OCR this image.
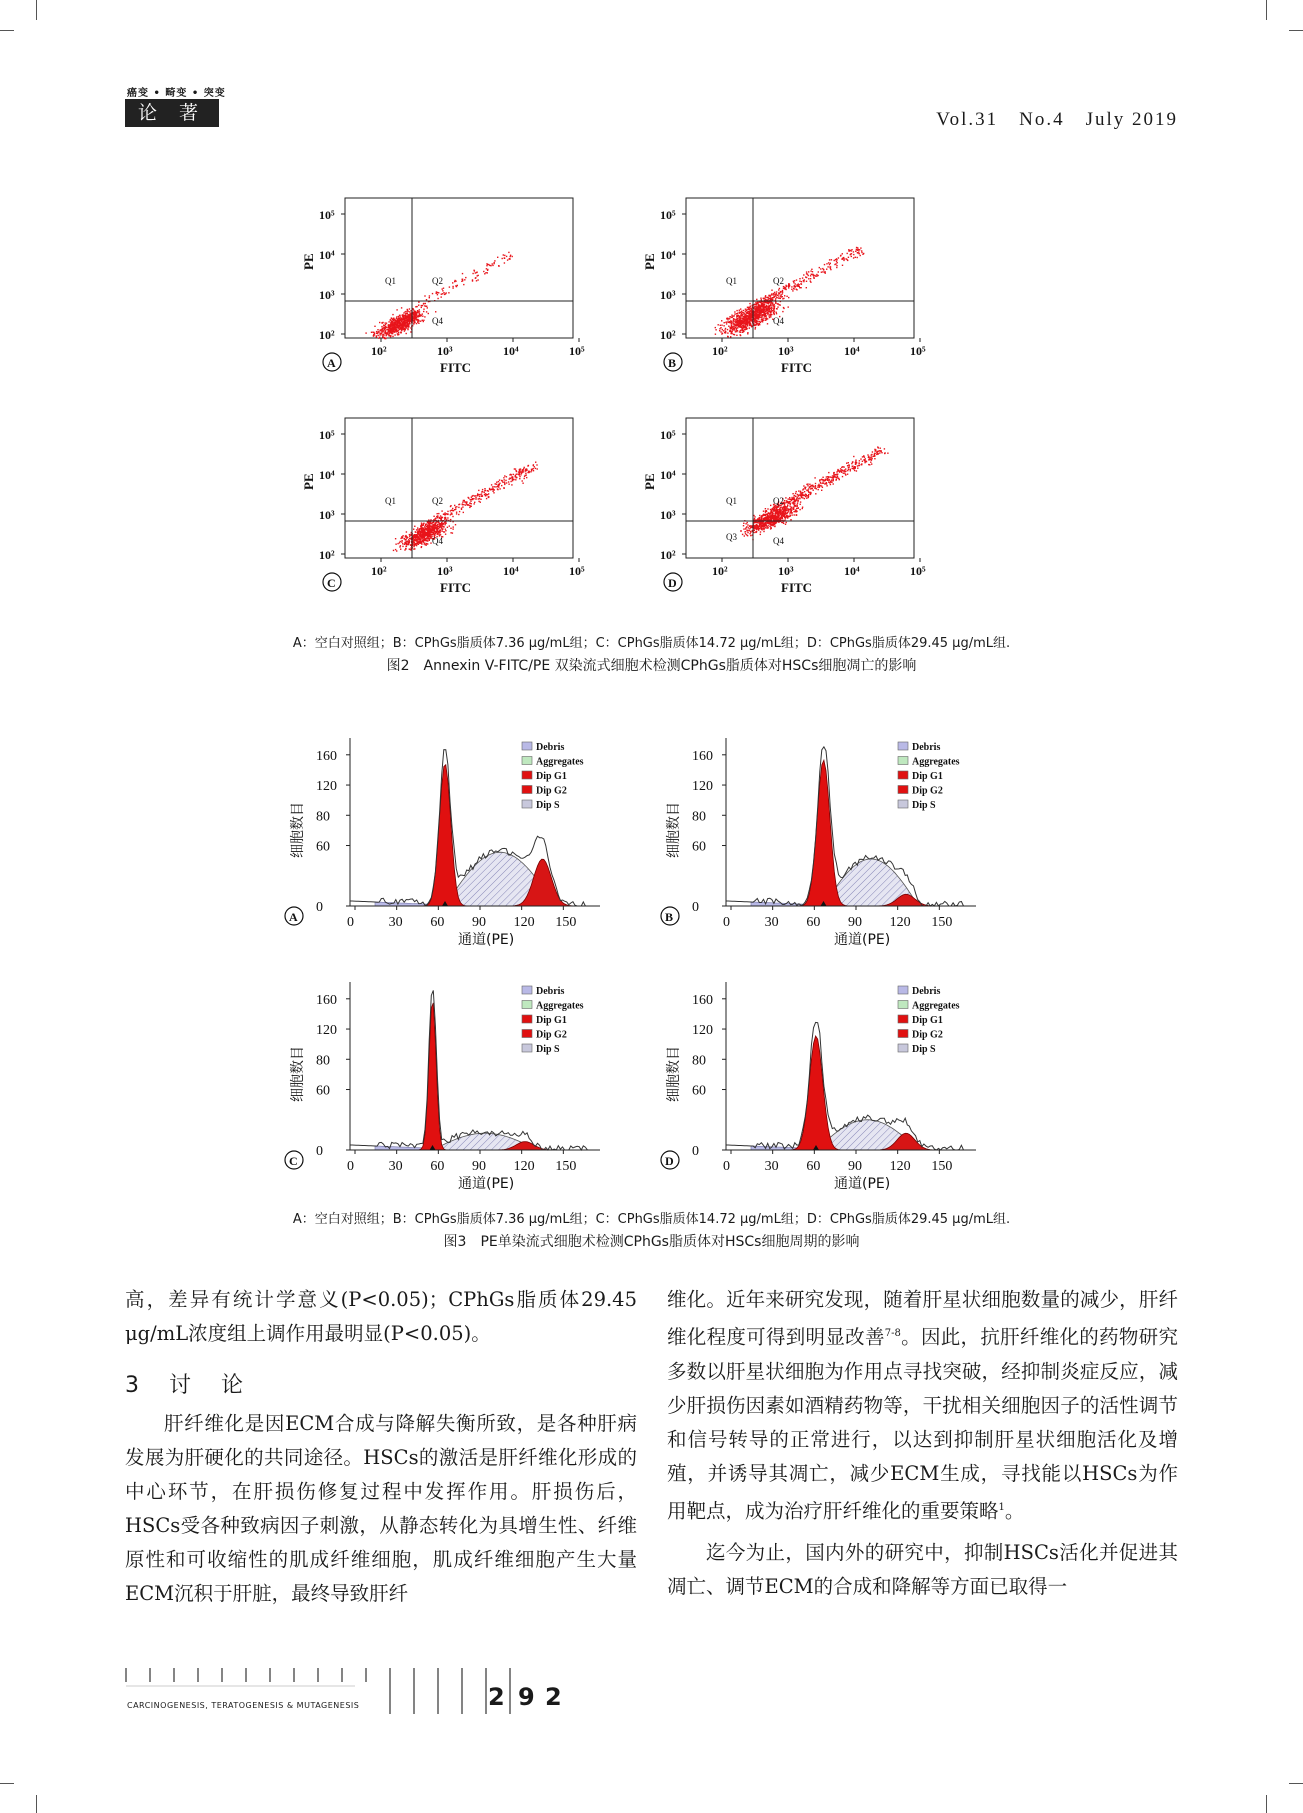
癌变 • 畸变 • 突变
论 著	Vol.31　No.4　July 2019
Q1	Q2
Q4
10⁵
10⁴
10³
10²
10²	10³	10⁴	10⁵
FITC
PE
A
Q1	Q2
Q4
10⁵
10⁴
10³
10²
10²	10³	10⁴	10⁵
FITC
PE
B
Q1	Q2
Q4
10⁵
10⁴
10³
10²
10²	10³	10⁴	10⁵
FITC
PE
C
Q1	Q2
Q3	Q4
10⁵
10⁴
10³
10²
10²	10³	10⁴	10⁵
FITC
PE
D
A：空白对照组；B：CPhGs脂质体7.36 μg/mL组；C：CPhGs脂质体14.72 μg/mL组；D：CPhGs脂质体29.45 μg/mL组.
图2　Annexin V-FITC/PE 双染流式细胞术检测CPhGs脂质体对HSCs细胞凋亡的影响
160
120
80
60
0
0 30 60 90 120 150
通道(PE)
细胞数目
Debris
Aggregates
Dip G1
Dip G2
Dip S
A
160
120
80
60
0
0 30 60 90 120 150
通道(PE)
细胞数目
Debris
Aggregates
Dip G1
Dip G2
Dip S
B
160
120
80
60
0
0 30 60 90 120 150
通道(PE)
细胞数目
Debris
Aggregates
Dip G1
Dip G2
Dip S
C
160
120
80
60
0
0 30 60 90 120 150
通道(PE)
细胞数目
Debris
Aggregates
Dip G1
Dip G2
Dip S
D
A：空白对照组；B：CPhGs脂质体7.36 μg/mL组；C：CPhGs脂质体14.72 μg/mL组；D：CPhGs脂质体29.45 μg/mL组.
图3　PE单染流式细胞术检测CPhGs脂质体对HSCs细胞周期的影响

高，差异有统计学意义(P<0.05)；CPhGs脂质体29.45 μg/mL浓度组上调作用最明显(P<0.05)。

3　讨　论

肝纤维化是因ECM合成与降解失衡所致，是各种肝病发展为肝硬化的共同途径。HSCs的激活是肝纤维化形成的中心环节，在肝损伤修复过程中发挥作用。肝损伤后，HSCs受各种致病因子刺激，从静态转化为具增生性、纤维原性和可收缩性的肌成纤维细胞，肌成纤维细胞产生大量ECM沉积于肝脏，最终导致肝纤

维化。近年来研究发现，随着肝星状细胞数量的减少，肝纤维化程度可得到明显改善$^{7-8}$。因此，抗肝纤维化的药物研究多数以肝星状细胞为作用点寻找突破，经抑制炎症反应，减少肝损伤因素如酒精药物等，干扰相关细胞因子的活性调节和信号转导的正常进行，以达到抑制肝星状细胞活化及增殖，并诱导其凋亡，减少ECM生成，寻找能以HSCs为作用靶点，成为治疗肝纤维化的重要策略$^1$。

迄今为止，国内外的研究中，抑制HSCs活化并促进其凋亡、调节ECM的合成和降解等方面已取得一

CARCINOGENESIS, TERATOGENESIS & MUTAGENESIS	2 9 2
